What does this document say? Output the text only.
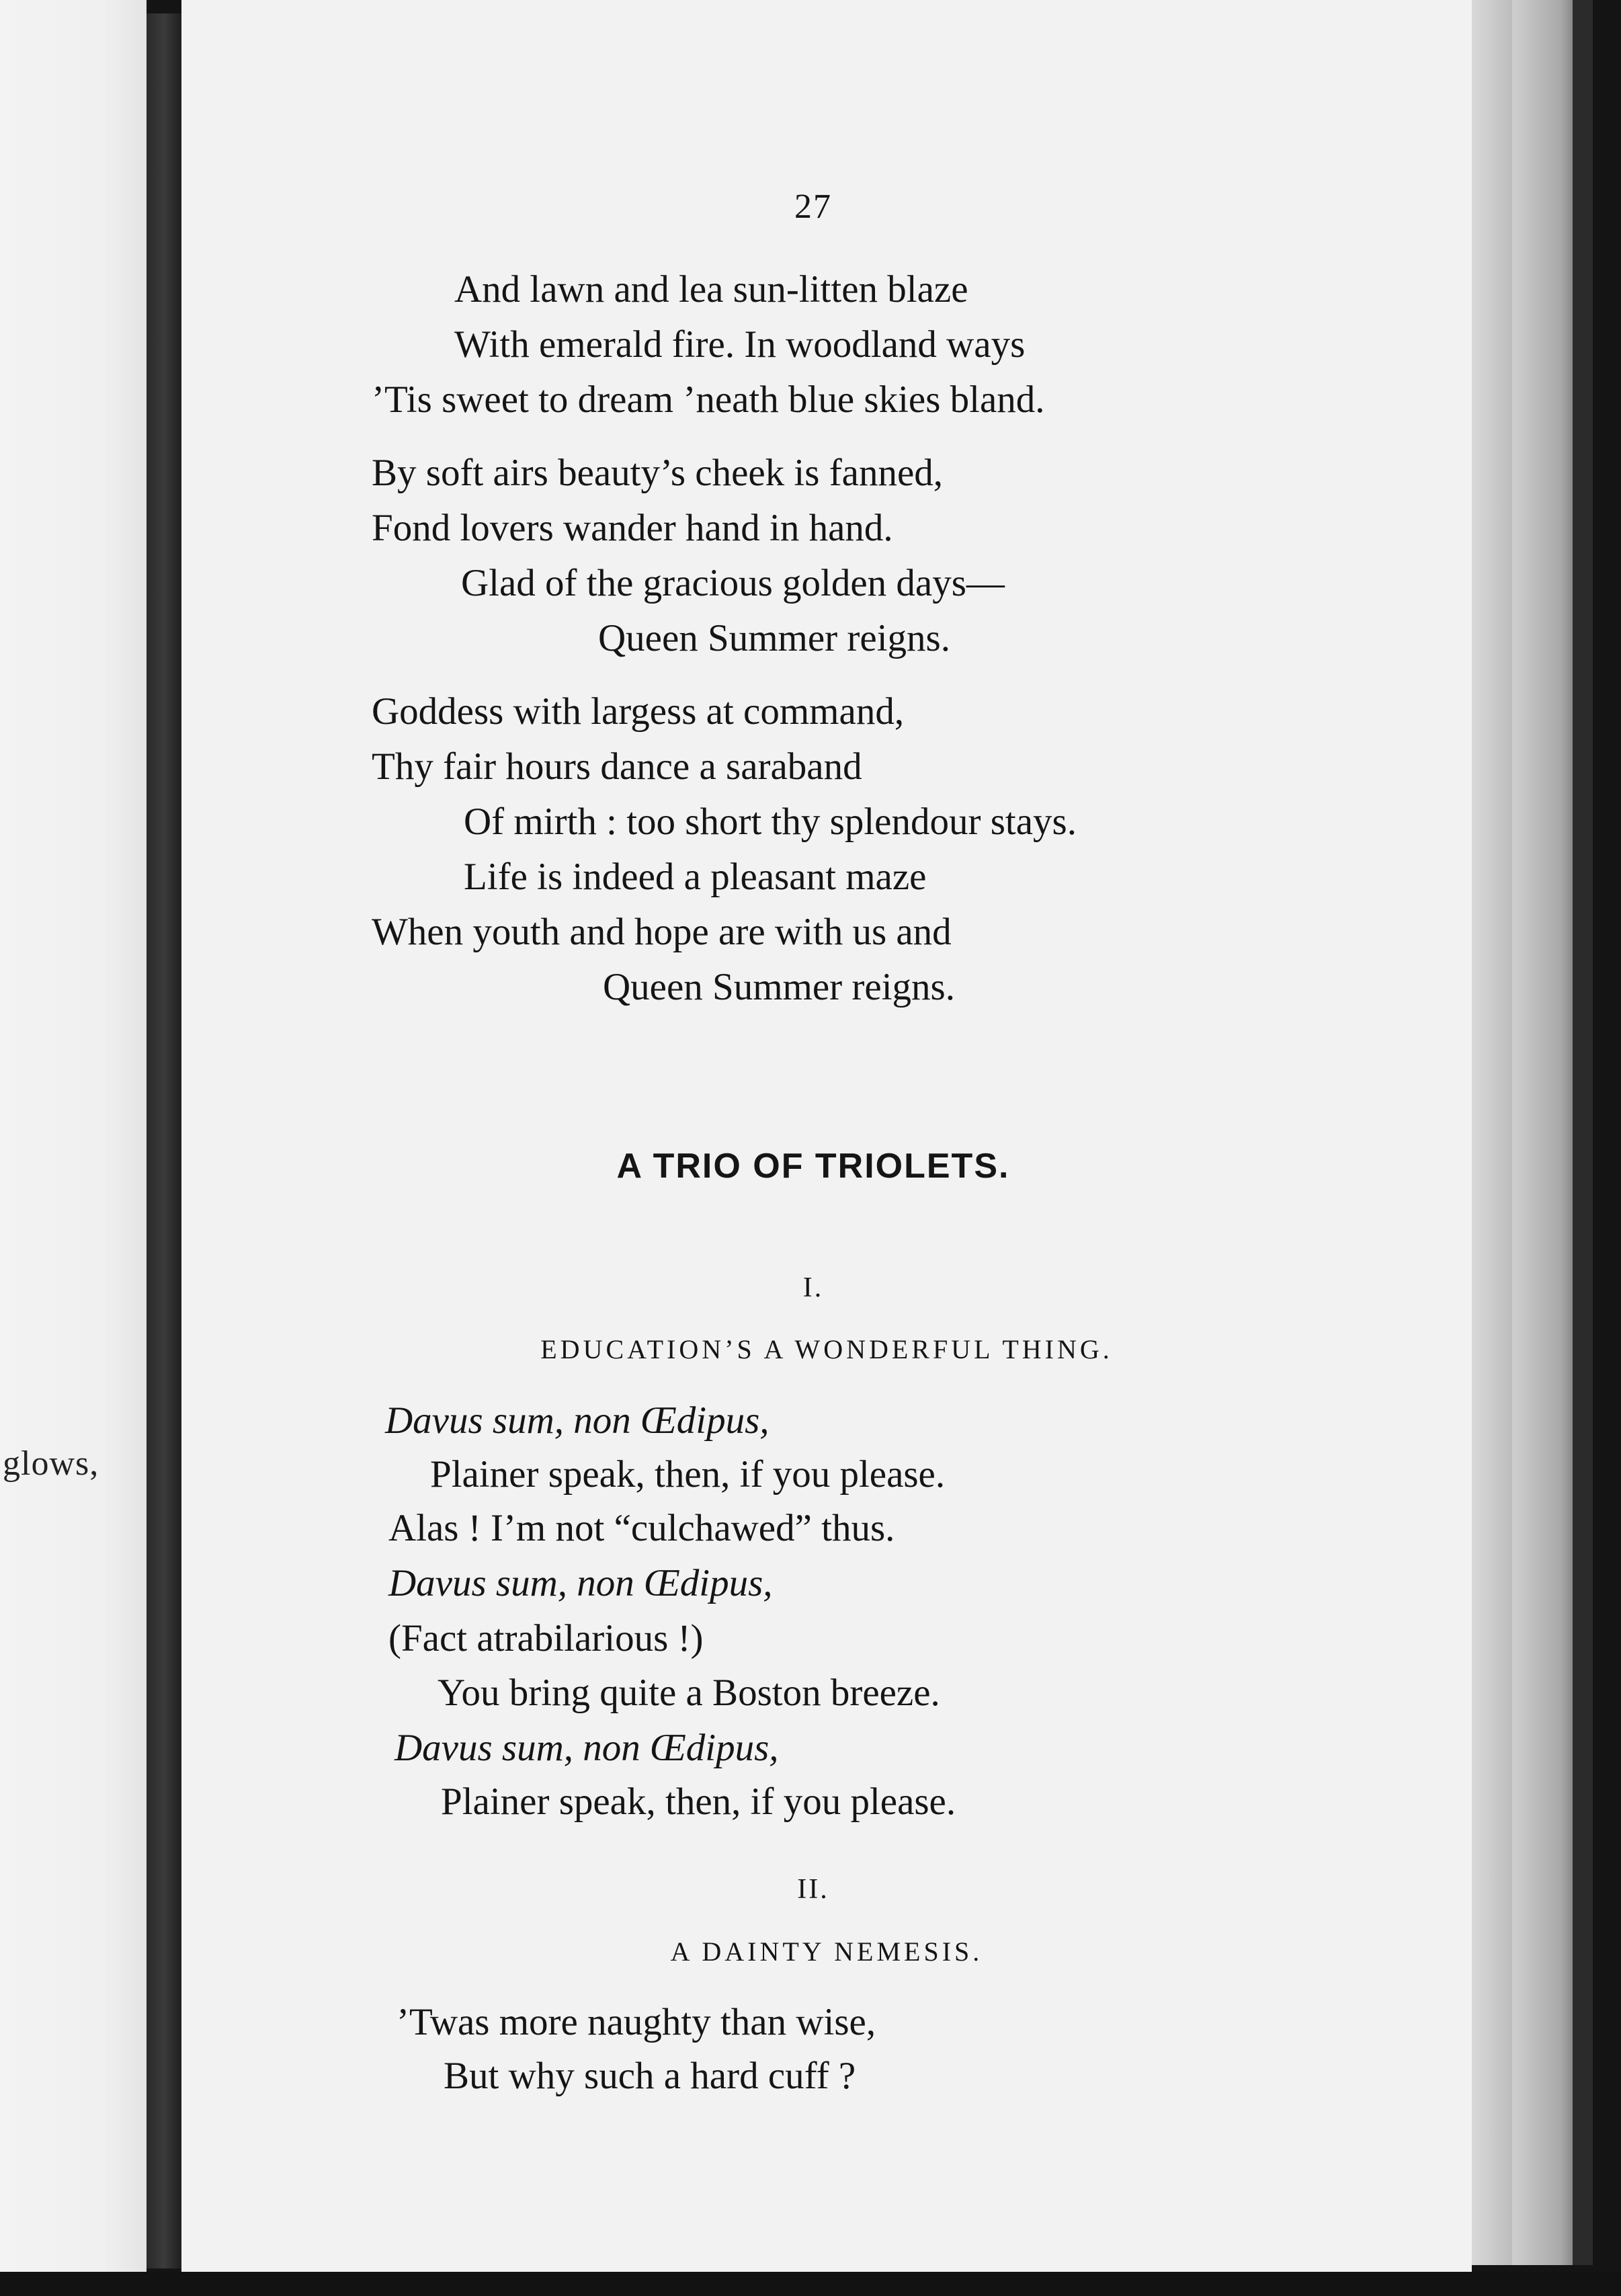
glows,
27
And lawn and lea sun-litten blaze
With emerald fire. In woodland ways
’Tis sweet to dream ’neath blue skies bland.
By soft airs beauty’s cheek is fanned,
Fond lovers wander hand in hand.
Glad of the gracious golden days—
Queen Summer reigns.
Goddess with largess at command,
Thy fair hours dance a saraband
Of mirth : too short thy splendour stays.
Life is indeed a pleasant maze
When youth and hope are with us and
Queen Summer reigns.
A TRIO OF TRIOLETS.
I.
EDUCATION’S A WONDERFUL THING.
Davus sum, non Œdipus,
Plainer speak, then, if you please.
Alas ! I’m not “culchawed” thus.
Davus sum, non Œdipus,
(Fact atrabilarious !)
You bring quite a Boston breeze.
Davus sum, non Œdipus,
Plainer speak, then, if you please.
II.
A DAINTY NEMESIS.
’Twas more naughty than wise,
But why such a hard cuff ?
